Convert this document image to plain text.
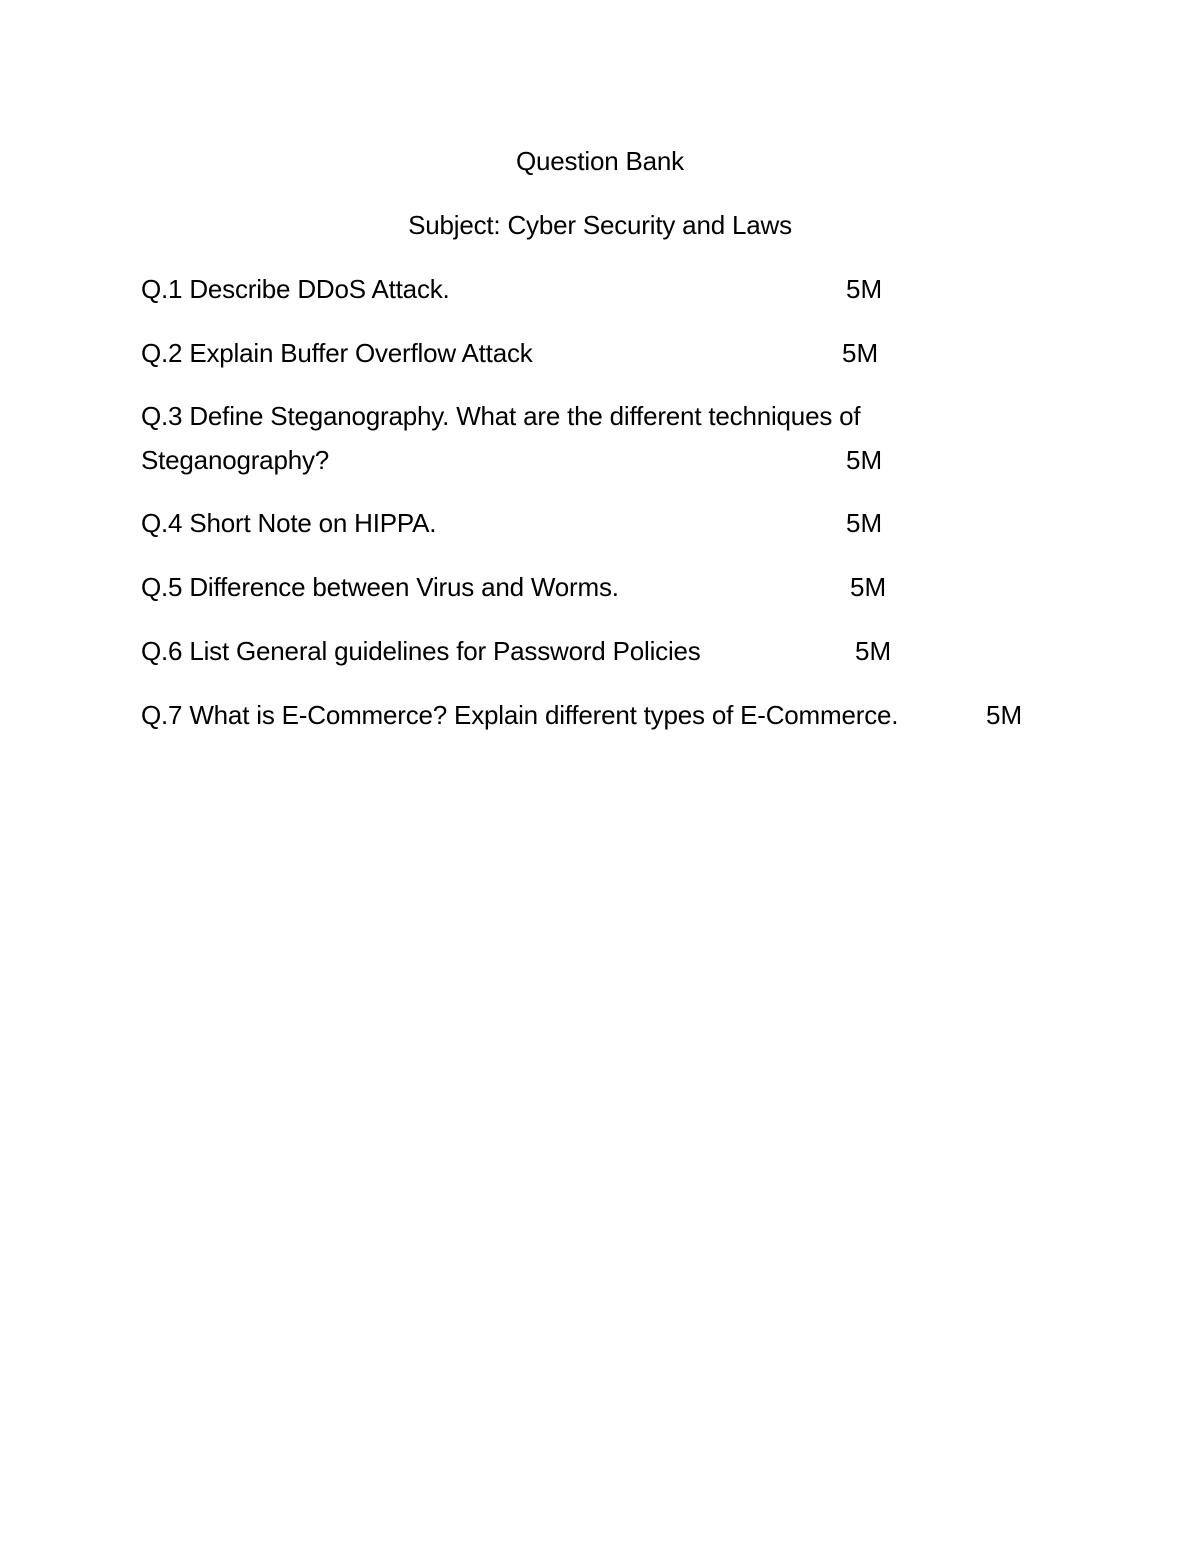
Question Bank
Subject: Cyber Security and Laws
Q.1 Describe DDoS Attack.	5M
Q.2 Explain Buffer Overflow Attack	5M
Q.3 Define Steganography. What are the different techniques of
Steganography?	5M
Q.4 Short Note on HIPPA.	5M
Q.5 Difference between Virus and Worms.	5M
Q.6 List General guidelines for Password Policies	5M
Q.7 What is E-Commerce? Explain different types of E-Commerce.	5M
